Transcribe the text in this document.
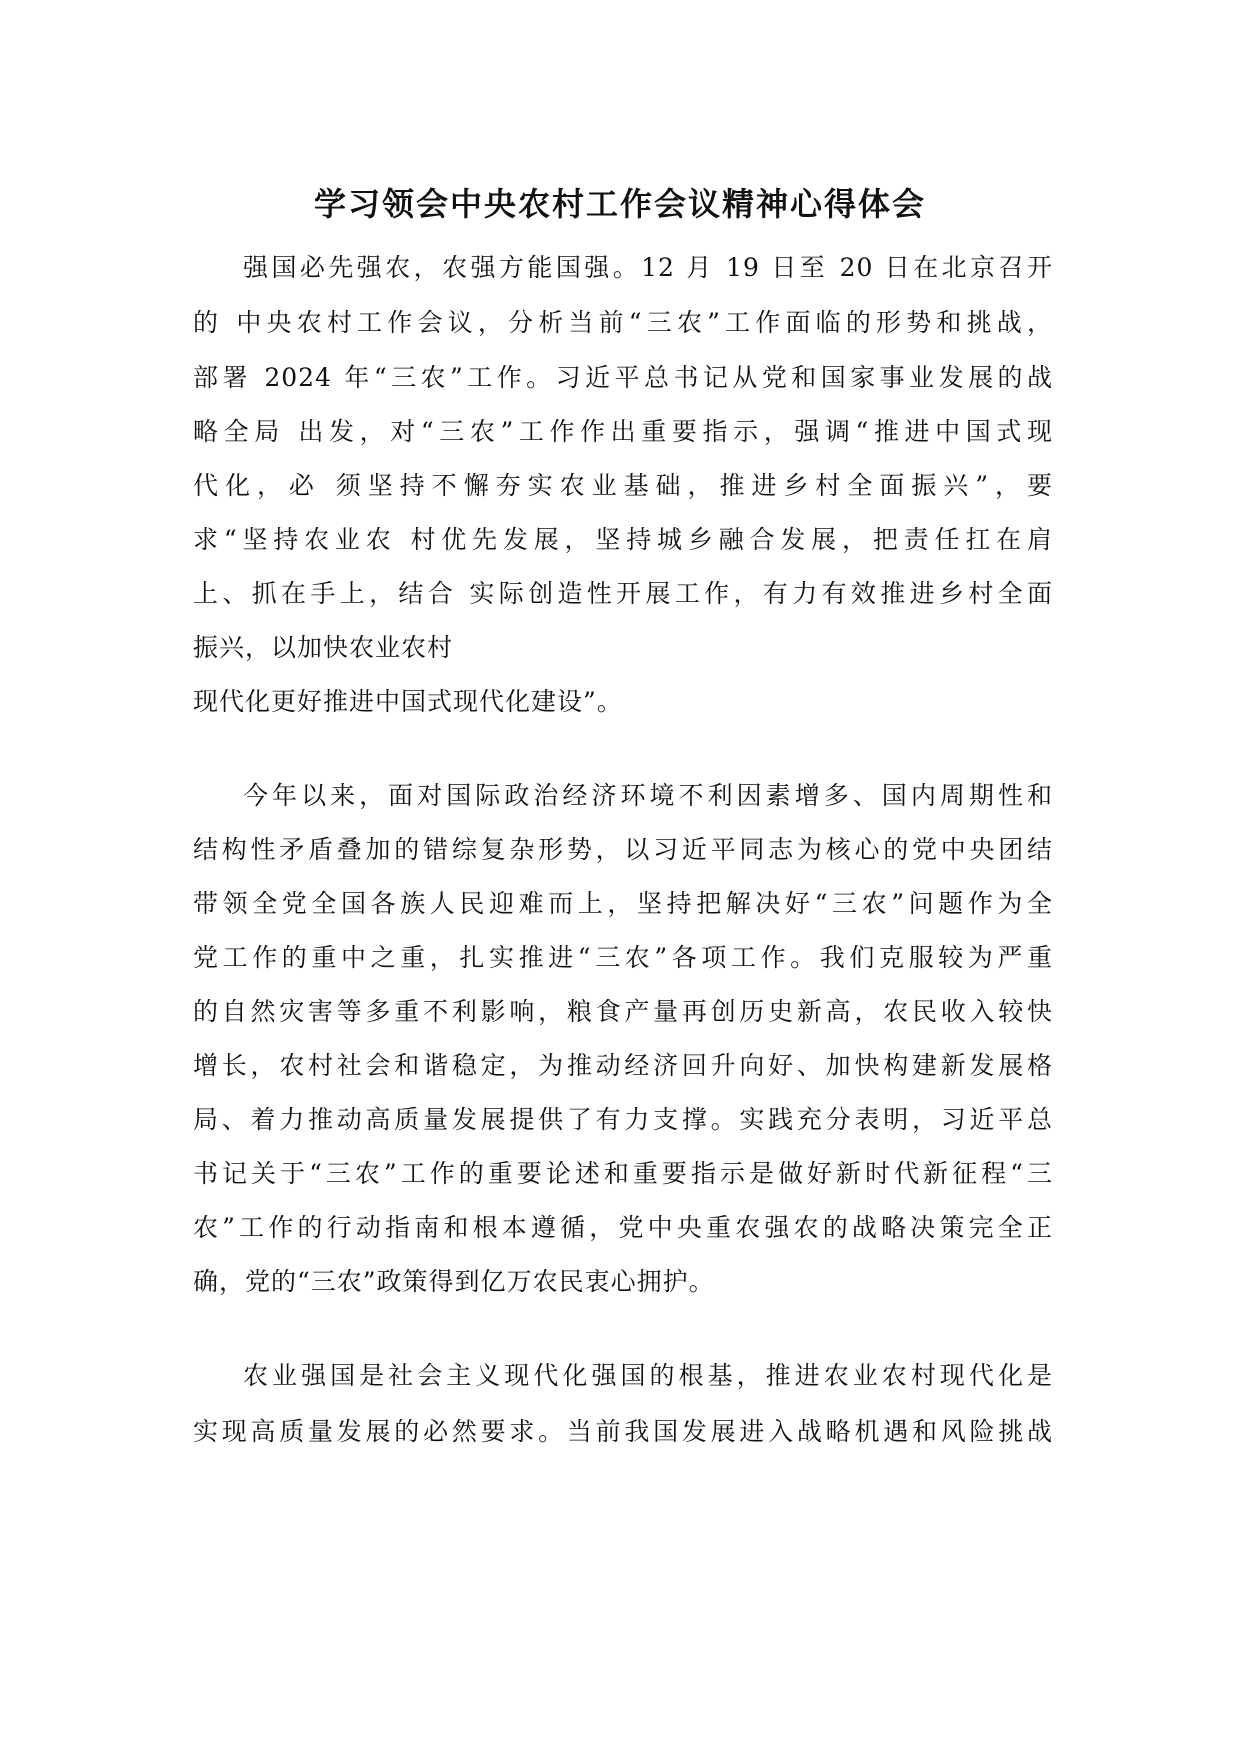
学习领会中央农村工作会议精神心得体会
强国必先强农，农强方能国强。12 月 19 日至 20 日在北京召开
的 中央农村工作会议，分析当前“三农”工作面临的形势和挑战，
部署 2024 年“三农”工作。习近平总书记从党和国家事业发展的战
略全局 出发，对“三农”工作作出重要指示，强调“推进中国式现
代化，必 须坚持不懈夯实农业基础，推进乡村全面振兴”，要
求“坚持农业农 村优先发展，坚持城乡融合发展，把责任扛在肩
上、抓在手上，结合 实际创造性开展工作，有力有效推进乡村全面
振兴，以加快农业农村
现代化更好推进中国式现代化建设”。
今年以来，面对国际政治经济环境不利因素增多、国内周期性和
结构性矛盾叠加的错综复杂形势，以习近平同志为核心的党中央团结
带领全党全国各族人民迎难而上，坚持把解决好“三农”问题作为全
党工作的重中之重，扎实推进“三农”各项工作。我们克服较为严重
的自然灾害等多重不利影响，粮食产量再创历史新高，农民收入较快
增长，农村社会和谐稳定，为推动经济回升向好、加快构建新发展格
局、着力推动高质量发展提供了有力支撑。实践充分表明，习近平总
书记关于“三农”工作的重要论述和重要指示是做好新时代新征程“三
农”工作的行动指南和根本遵循，党中央重农强农的战略决策完全正
确，党的“三农”政策得到亿万农民衷心拥护。
农业强国是社会主义现代化强国的根基，推进农业农村现代化是
实现高质量发展的必然要求。当前我国发展进入战略机遇和风险挑战
